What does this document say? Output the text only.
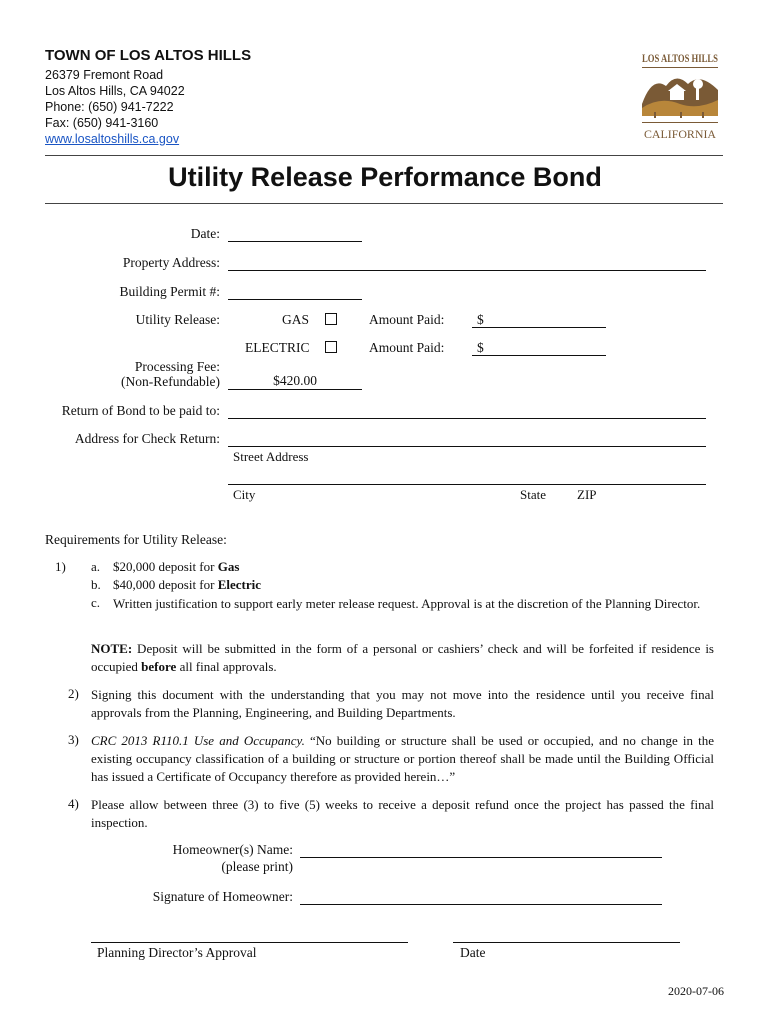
TOWN OF LOS ALTOS HILLS
26379 Fremont Road
Los Altos Hills, CA 94022
Phone: (650) 941-7222
Fax: (650) 941-3160
www.losaltoshills.ca.gov
LOS ALTOS HILLS
CALIFORNIA
Utility Release Performance Bond
Date:
Property Address:
Building Permit #:
Utility Release:	GAS	Amount Paid: $
ELECTRIC	Amount Paid: $
Processing Fee:
(Non-Refundable)	$420.00
Return of Bond to be paid to:
Address for Check Return:
Street Address
City	State ZIP
Requirements for Utility Release:
1) a. $20,000 deposit for Gas
b. $40,000 deposit for Electric
c. Written justification to support early meter release request. Approval is at the discretion of the Planning Director.
NOTE: Deposit will be submitted in the form of a personal or cashiers’ check and will be forfeited if residence is occupied before all final approvals.
2) Signing this document with the understanding that you may not move into the residence until you receive final approvals from the Planning, Engineering, and Building Departments.
3) CRC 2013 R110.1 Use and Occupancy. “No building or structure shall be used or occupied, and no change in the existing occupancy classification of a building or structure or portion thereof shall be made until the Building Official has issued a Certificate of Occupancy therefore as provided herein…”
4) Please allow between three (3) to five (5) weeks to receive a deposit refund once the project has passed the final inspection.
Homeowner(s) Name:
(please print)
Signature of Homeowner:
Planning Director’s Approval	Date
2020-07-06
